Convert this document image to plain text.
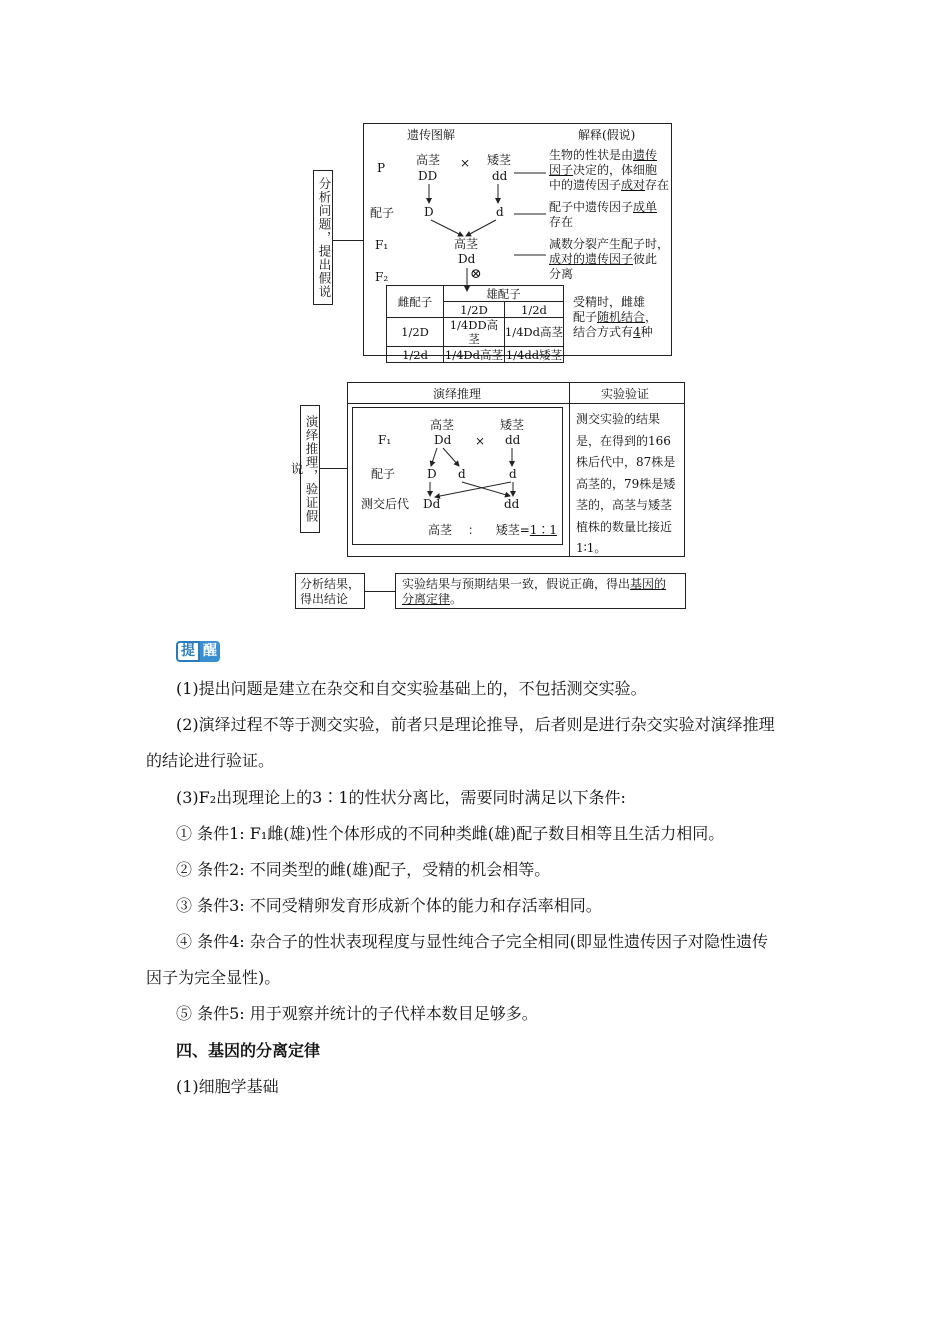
分析问题，提出假说
遗传图解	解释(假说)
P
配子
F₁
F₂
高茎
DD
× 矮茎
dd
D	d
高茎
Dd
⊗
生物的性状是由遗传
因子决定的，体细胞
中的遗传因子成对存在
配子中遗传因子成单
存在
减数分裂产生配子时，
成对的遗传因子彼此
分离
受精时，雌雄
配子随机结合，
结合方式有4种
雌配子	雄配子	
	1/2D	1/2d
1/2D	1/4DD高茎	1/4Dd高茎
1/2d	1/4Dd高茎	1/4dd矮茎
演绎推理，验证假说
演绎推理	实验验证
F₁
配子
测交后代
高茎
Dd ×
矮茎
dd
D d	d
Dd	dd
高茎 ： 矮茎=1∶1
测交实验的结果
是，在得到的166
株后代中，87株是
高茎的，79株是矮
茎的，高茎与矮茎
植株的数量比接近
1∶1。
分析结果，
得出结论
实验结果与预期结果一致，假说正确，得出基因的
分离定律。
提 醒
(1)提出问题是建立在杂交和自交实验基础上的，不包括测交实验。
(2)演绎过程不等于测交实验，前者只是理论推导，后者则是进行杂交实验对演绎推理
的结论进行验证。
(3)F₂出现理论上的3∶1的性状分离比，需要同时满足以下条件:
① 条件1: F₁雌(雄)性个体形成的不同种类雌(雄)配子数目相等且生活力相同。
② 条件2: 不同类型的雌(雄)配子，受精的机会相等。
③ 条件3: 不同受精卵发育形成新个体的能力和存活率相同。
④ 条件4: 杂合子的性状表现程度与显性纯合子完全相同(即显性遗传因子对隐性遗传
因子为完全显性)。
⑤ 条件5: 用于观察并统计的子代样本数目足够多。
四、基因的分离定律
(1)细胞学基础
